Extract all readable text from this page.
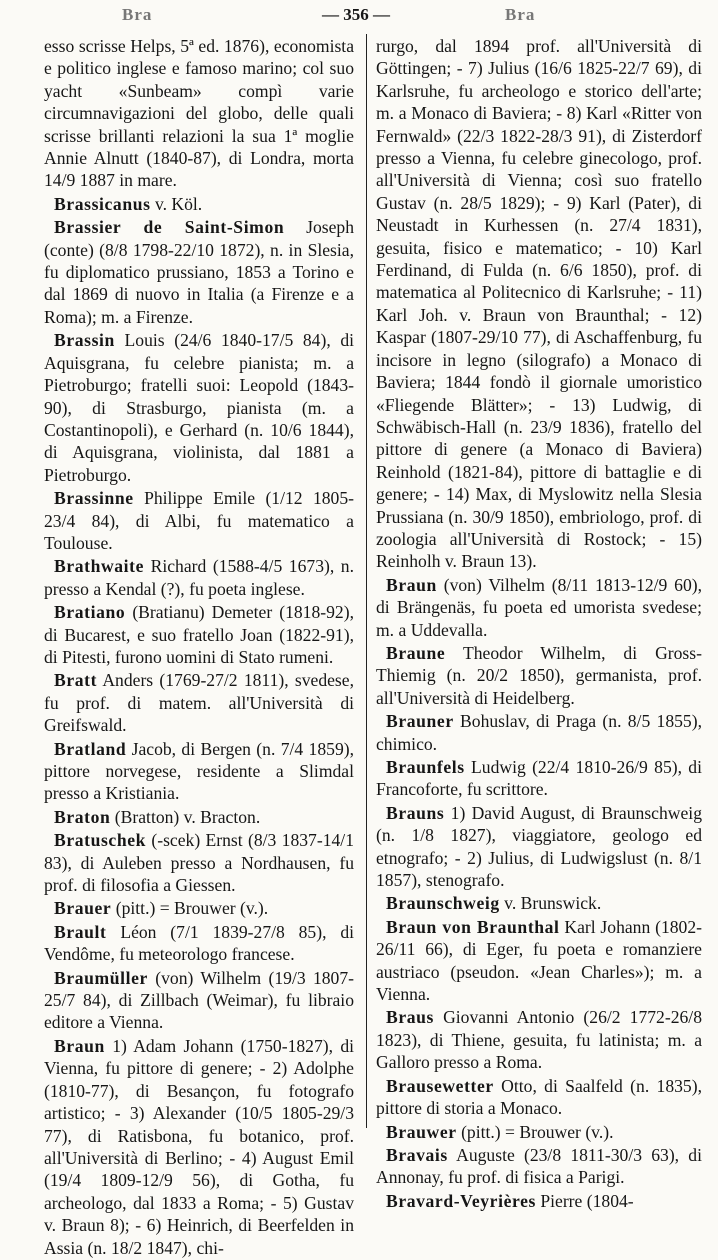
Bra	— 356 —	Bra

esso scrisse Helps, 5ª ed. 1876), economista e politico inglese e famoso marino; col suo yacht «Sunbeam» compì varie circumnavigazioni del globo, delle quali scrisse brillanti relazioni la sua 1ª moglie Annie Alnutt (1840-87), di Londra, morta 14/9 1887 in mare.

Brassicanus v. Köl.

Brassier de Saint-Simon Joseph (conte) (8/8 1798-22/10 1872), n. in Slesia, fu diplomatico prussiano, 1853 a Torino e dal 1869 di nuovo in Italia (a Firenze e a Roma); m. a Firenze.

Brassin Louis (24/6 1840-17/5 84), di Aquisgrana, fu celebre pianista; m. a Pietroburgo; fratelli suoi: Leopold (1843-90), di Strasburgo, pianista (m. a Costantinopoli), e Gerhard (n. 10/6 1844), di Aquisgrana, violinista, dal 1881 a Pietroburgo.

Brassinne Philippe Emile (1/12 1805-23/4 84), di Albi, fu matematico a Toulouse.

Brathwaite Richard (1588-4/5 1673), n. presso a Kendal (?), fu poeta inglese.

Bratiano (Bratianu) Demeter (1818-92), di Bucarest, e suo fratello Joan (1822-91), di Pitesti, furono uomini di Stato rumeni.

Bratt Anders (1769-27/2 1811), svedese, fu prof. di matem. all'Università di Greifswald.

Bratland Jacob, di Bergen (n. 7/4 1859), pittore norvegese, residente a Slimdal presso a Kristiania.

Braton (Bratton) v. Bracton.

Bratuschek (-scek) Ernst (8/3 1837-14/1 83), di Auleben presso a Nordhausen, fu prof. di filosofia a Giessen.

Brauer (pitt.) = Brouwer (v.).

Brault Léon (7/1 1839-27/8 85), di Vendôme, fu meteorologo francese.

Braumüller (von) Wilhelm (19/3 1807-25/7 84), di Zillbach (Weimar), fu libraio editore a Vienna.

Braun 1) Adam Johann (1750-1827), di Vienna, fu pittore di genere; - 2) Adolphe (1810-77), di Besançon, fu fotografo artistico; - 3) Alexander (10/5 1805-29/3 77), di Ratisbona, fu botanico, prof. all'Università di Berlino; - 4) August Emil (19/4 1809-12/9 56), di Gotha, fu archeologo, dal 1833 a Roma; - 5) Gustav v. Braun 8); - 6) Heinrich, di Beerfelden in Assia (n. 18/2 1847), chi-

rurgo, dal 1894 prof. all'Università di Göttingen; - 7) Julius (16/6 1825-22/7 69), di Karlsruhe, fu archeologo e storico dell'arte; m. a Monaco di Baviera; - 8) Karl «Ritter von Fernwald» (22/3 1822-28/3 91), di Zisterdorf presso a Vienna, fu celebre ginecologo, prof. all'Università di Vienna; così suo fratello Gustav (n. 28/5 1829); - 9) Karl (Pater), di Neustadt in Kurhessen (n. 27/4 1831), gesuita, fisico e matematico; - 10) Karl Ferdinand, di Fulda (n. 6/6 1850), prof. di matematica al Politecnico di Karlsruhe; - 11) Karl Joh. v. Braun von Braunthal; - 12) Kaspar (1807-29/10 77), di Aschaffenburg, fu incisore in legno (silografo) a Monaco di Baviera; 1844 fondò il giornale umoristico «Fliegende Blätter»; - 13) Ludwig, di Schwäbisch-Hall (n. 23/9 1836), fratello del pittore di genere (a Monaco di Baviera) Reinhold (1821-84), pittore di battaglie e di genere; - 14) Max, di Myslowitz nella Slesia Prussiana (n. 30/9 1850), embriologo, prof. di zoologia all'Università di Rostock; - 15) Reinholh v. Braun 13).

Braun (von) Vilhelm (8/11 1813-12/9 60), di Brängenäs, fu poeta ed umorista svedese; m. a Uddevalla.

Braune Theodor Wilhelm, di Gross-Thiemig (n. 20/2 1850), germanista, prof. all'Università di Heidelberg.

Brauner Bohuslav, di Praga (n. 8/5 1855), chimico.

Braunfels Ludwig (22/4 1810-26/9 85), di Francoforte, fu scrittore.

Brauns 1) David August, di Braunschweig (n. 1/8 1827), viaggiatore, geologo ed etnografo; - 2) Julius, di Ludwigslust (n. 8/1 1857), stenografo.

Braunschweig v. Brunswick.

Braun von Braunthal Karl Johann (1802-26/11 66), di Eger, fu poeta e romanziere austriaco (pseudon. «Jean Charles»); m. a Vienna.

Braus Giovanni Antonio (26/2 1772-26/8 1823), di Thiene, gesuita, fu latinista; m. a Galloro presso a Roma.

Brausewetter Otto, di Saalfeld (n. 1835), pittore di storia a Monaco.

Brauwer (pitt.) = Brouwer (v.).

Bravais Auguste (23/8 1811-30/3 63), di Annonay, fu prof. di fisica a Parigi.

Bravard-Veyrières Pierre (1804-
